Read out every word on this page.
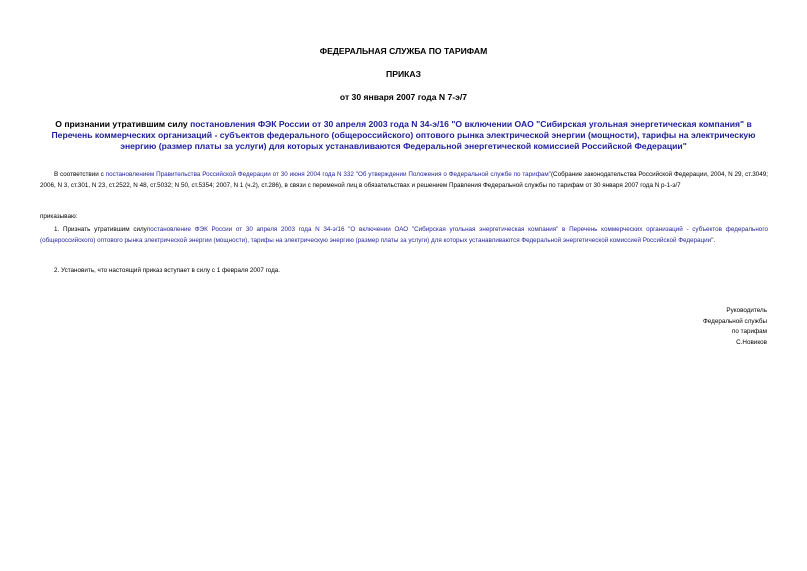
ФЕДЕРАЛЬНАЯ СЛУЖБА ПО ТАРИФАМ
ПРИКАЗ
от 30 января 2007 года N 7-э/7
О признании утратившим силу постановления ФЭК России от 30 апреля 2003 года N 34-э/16 "О включении ОАО "Сибирская угольная энергетическая компания" в Перечень коммерческих организаций - субъектов федерального (общероссийского) оптового рынка электрической энергии (мощности), тарифы на электрическую энергию (размер платы за услуги) для которых устанавливаются Федеральной энергетической комиссией Российской Федерации"
В соответствии с постановлением Правительства Российской Федерации от 30 июня 2004 года N 332 "Об утверждении Положения о Федеральной службе по тарифам"(Собрание законодательства Российской Федерации, 2004, N 29, ст.3049; 2006, N 3, ст.301, N 23, ст.2522, N 48, ст.5032; N 50, ст.5354; 2007, N 1 (ч.2), ст.286), в связи с переменой лиц в обязательствах и решением Правления Федеральной службы по тарифам от 30 января 2007 года N р-1-э/7
приказываю:
1. Признать утратившим силупостановление ФЭК России от 30 апреля 2003 года N 34-э/16 "О включении ОАО "Сибирская угольная энергетическая компания" в Перечень коммерческих организаций - субъектов федерального (общероссийского) оптового рынка электрической энергии (мощности), тарифы на электрическую энергию (размер платы за услуги) для которых устанавливаются Федеральной энергетической комиссией Российской Федерации".
2. Установить, что настоящий приказ вступает в силу с 1 февраля 2007 года.
Руководитель
Федеральной службы
по тарифам
С.Новиков
